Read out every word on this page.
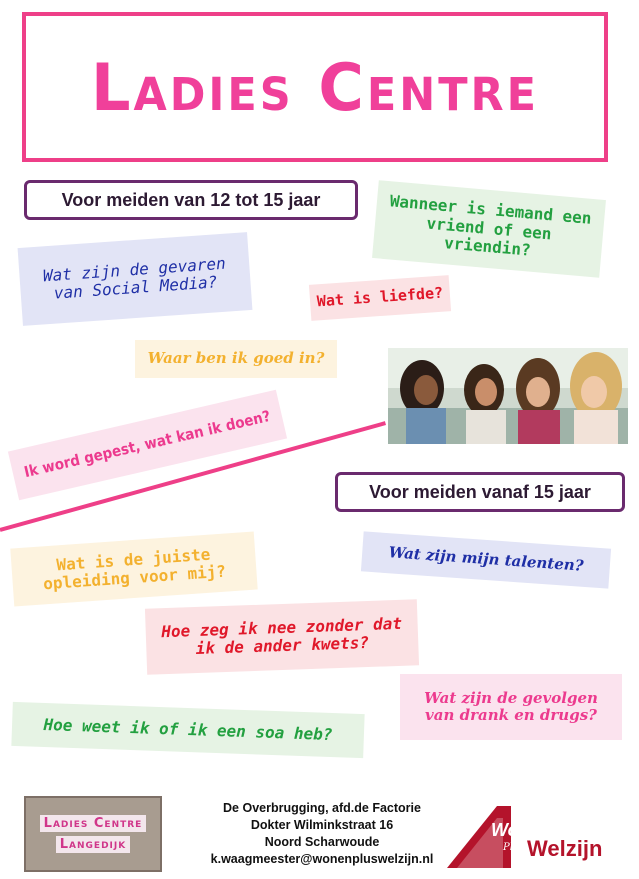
Ladies Centre
Voor meiden van 12 tot 15 jaar	Wanneer is iemand een vriend of een vriendin?
Wat zijn de gevaren van Social Media?	Wat is liefde?
Waar ben ik goed in?
Ik word gepest, wat kan ik doen?
Voor meiden vanaf 15 jaar
Wat is de juiste opleiding voor mij?
Wat zijn mijn talenten?
Hoe zeg ik nee zonder dat ik de ander kwets?
Wat zijn de gevolgen van drank en drugs?
Hoe weet ik of ik een soa heb?
Ladies Centre
Langedijk
De Overbrugging, afd.de Factorie
Dokter Wilminkstraat 16
Noord Scharwoude
k.waagmeester@wonenpluswelzijn.nl
Wonen
Plus Welzijn
